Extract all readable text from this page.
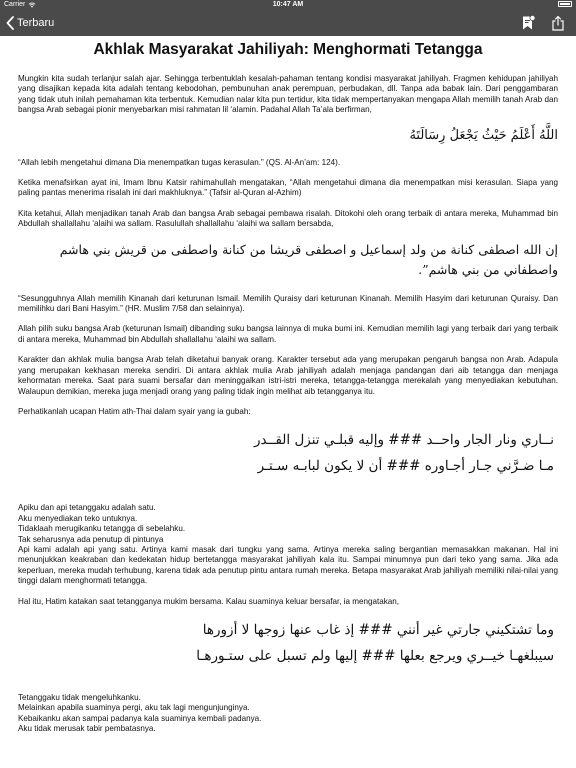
Carrier	10:47 AM
Terbaru
Akhlak Masyarakat Jahiliyah: Menghormati Tetangga

Mungkin kita sudah terlanjur salah ajar. Sehingga terbentuklah kesalah-pahaman tentang kondisi masyarakat jahiliyah. Fragmen kehidupan jahiliyah yang disajikan kepada kita adalah tentang kebodohan, pembunuhan anak perempuan, perbudakan, dll. Tanpa ada babak lain. Dari penggambaran yang tidak utuh inilah pemahaman kita terbentuk. Kemudian nalar kita pun tertidur, kita tidak mempertanyakan mengapa Allah memilih tanah Arab dan bangsa Arab sebagai pionir menyebarkan misi rahmatan lil ‘alamin. Padahal Allah Ta’ala berfirman,

اللَّهُ أَعْلَمُ حَيْثُ يَجْعَلُ رِسَالَتَهُ

“Allah lebih mengetahui dimana Dia menempatkan tugas kerasulan.” (QS. Al-An’am: 124).

Ketika menafsirkan ayat ini, Imam Ibnu Katsir rahimahullah mengatakan, “Allah mengetahui dimana dia menempatkan misi kerasulan. Siapa yang paling pantas menerima risalah ini dari makhluknya.” (Tafsir al-Quran al-Azhim)

Kita ketahui, Allah menjadikan tanah Arab dan bangsa Arab sebagai pembawa risalah. Ditokohi oleh orang terbaik di antara mereka, Muhammad bin Abdullah shallallahu ‘alaihi wa sallam. Rasulullah shallallahu ‘alaihi wa sallam bersabda,

إن الله اصطفى كنانة من ولد إسماعيل و اصطفى قريشا من كنانة واصطفى من قريش بني هاشم واصطفاني من بني هاشم”.

“Sesungguhnya Allah memilih Kinanah dari keturunan Ismail. Memilih Quraisy dari keturunan Kinanah. Memilih Hasyim dari keturunan Quraisy. Dan memilihku dari Bani Hasyim.” (HR. Muslim 7/58 dan selainnya).

Allah pilih suku bangsa Arab (keturunan Ismail) dibanding suku bangsa lainnya di muka bumi ini. Kemudian memilih lagi yang terbaik dari yang terbaik di antara mereka, Muhammad bin Abdullah shallallahu ‘alaihi wa sallam.

Karakter dan akhlak mulia bangsa Arab telah diketahui banyak orang. Karakter tersebut ada yang merupakan pengaruh bangsa non Arab. Adapula yang merupakan kekhasan mereka sendiri. Di antara akhlak mulia Arab jahiliyah adalah menjaga pandangan dari aib tetangga dan menjaga kehormatan mereka. Saat para suami bersafar dan meninggalkan istri-istri mereka, tetangga-tetangga merekalah yang menyediakan kebutuhan. Walaupun demikian, mereka juga menjadi orang yang paling tidak ingin melihat aib tetangganya itu.

Perhatikanlah ucapan Hatim ath-Thai dalam syair yang ia gubah:

نــاري ونار الجار واحــد ### وإليه قبلـي تنزل القــدر
مـا ضـرَّني جـار أجـاوره ### أن لا يكون لبابـه سـتـر
Apiku dan api tetanggaku adalah satu.
Aku menyediakan teko untuknya.
Tidaklaah merugikanku tetangga di sebelahku.
Tak seharusnya ada penutup di pintunya
Api kami adalah api yang satu. Artinya kami masak dari tungku yang sama. Artinya mereka saling bergantian memasakkan makanan. Hal ini menunjukkan keakraban dan kedekatan hidup bertetangga masyarakat jahiliyah kala itu. Sampai minumnya pun dari teko yang sama. Jika ada keperluan, mereka mudah terhubung, karena tidak ada penutup pintu antara rumah mereka. Betapa masyarakat Arab jahiliyah memiliki nilai-nilai yang tinggi dalam menghormati tetangga.

Hal itu, Hatim katakan saat tetangganya mukim bersama. Kalau suaminya keluar bersafar, ia mengatakan,

وما تشتكيني جارتي غير أنني ### إذ غاب عنها زوجها لا أزورها
سيبلغهـا خيــري ويرجع بعلها ### إليها ولم تسبل على ستـورهـا
Tetanggaku tidak mengeluhkanku.
Melainkan apabila suaminya pergi, aku tak lagi mengunjunginya.
Kebaikanku akan sampai padanya kala suaminya kembali padanya.
Aku tidak merusak tabir pembatasnya.
